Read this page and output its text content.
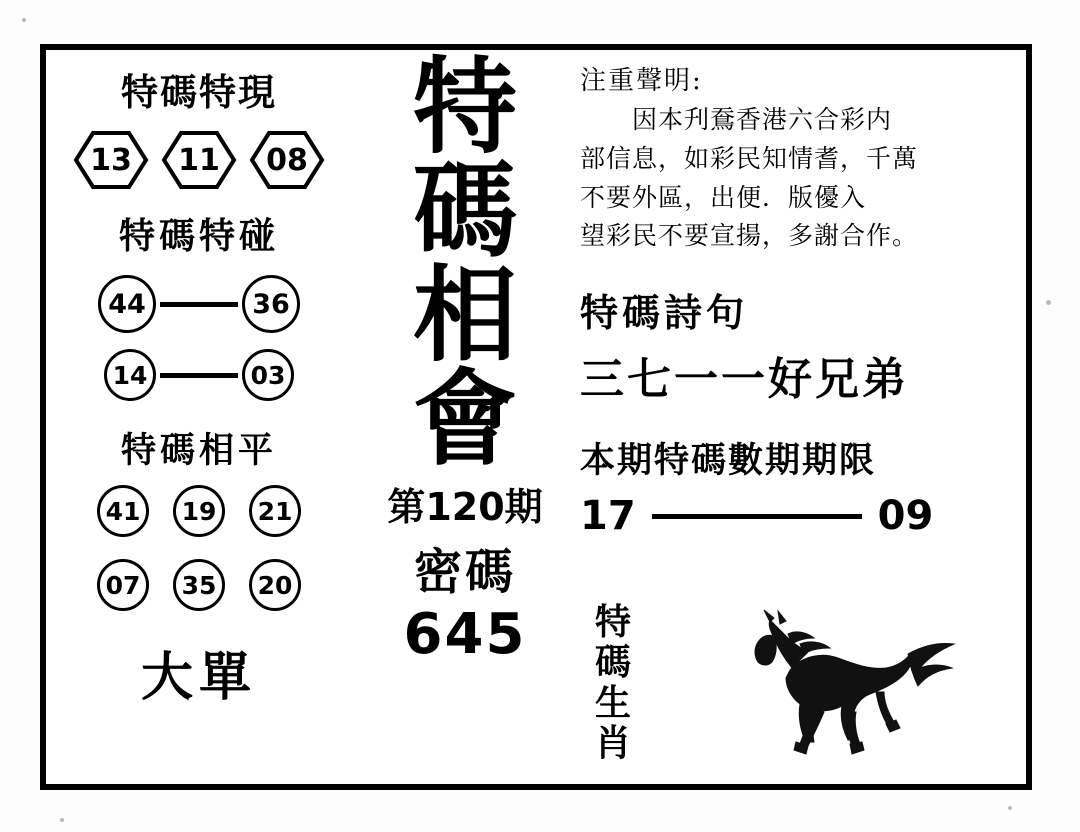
特碼特現
13 11 08
特碼特碰
44	36
14	03
特碼相平
41	19	21
07	35	20
大單
特
碼
相
會
第120期
密碼
645
注重聲明:
因本刋鴌香港六合彩内
部信息，如彩民知情耆，千萬
不要外區，出便．版優入
望彩民不要宣揚，多謝合作。
特碼詩句
三七一一好兄弟
本期特碼數期期限
17	09
特碼生肖
